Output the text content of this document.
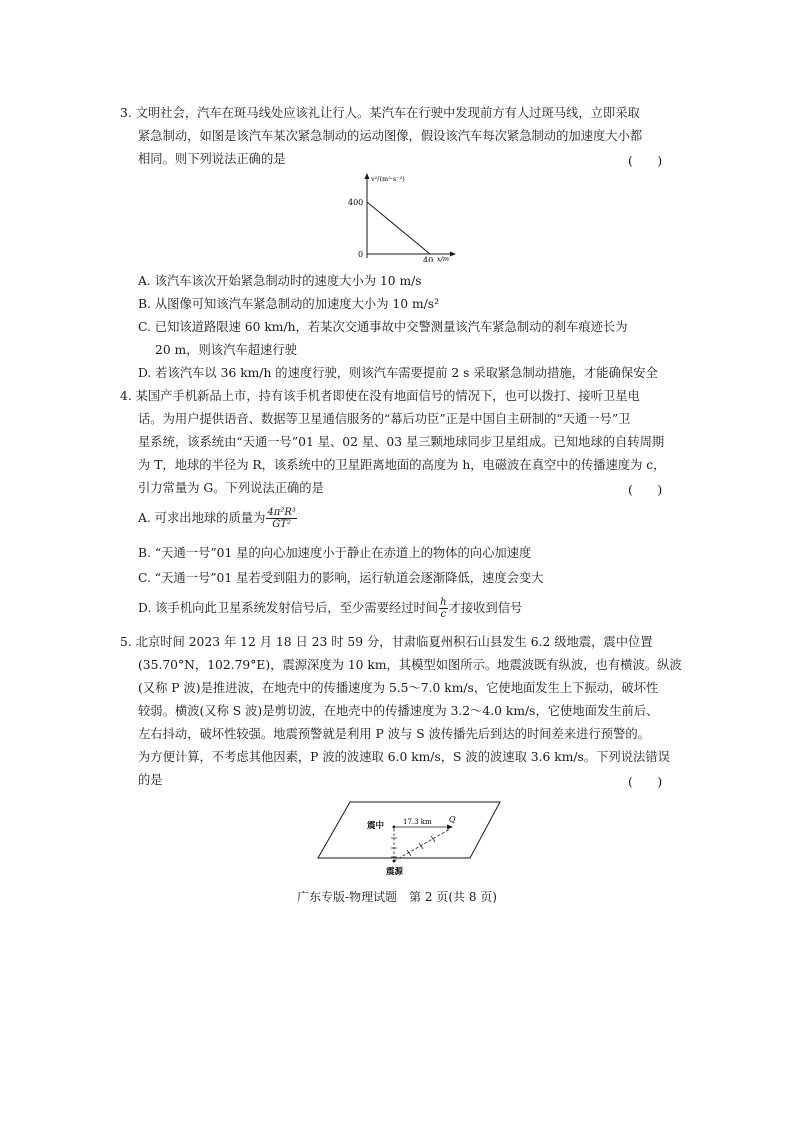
3. 文明社会，汽车在斑马线处应该礼让行人。某汽车在行驶中发现前方有人过斑马线，立即采取
紧急制动，如图是该汽车某次紧急制动的运动图像，假设该汽车每次紧急制动的加速度大小都
相同。则下列说法正确的是	(　　)
v²/(m²·s⁻²)
400
0
40 x/m
A. 该汽车该次开始紧急制动时的速度大小为 10 m/s
B. 从图像可知该汽车紧急制动的加速度大小为 10 m/s²
C. 已知该道路限速 60 km/h，若某次交通事故中交警测量该汽车紧急制动的刹车痕迹长为
20 m，则该汽车超速行驶
D. 若该汽车以 36 km/h 的速度行驶，则该汽车需要提前 2 s 采取紧急制动措施，才能确保安全
4. 某国产手机新品上市，持有该手机者即使在没有地面信号的情况下，也可以拨打、接听卫星电
话。为用户提供语音、数据等卫星通信服务的“幕后功臣”正是中国自主研制的“天通一号”卫
星系统，该系统由“天通一号”01 星、02 星、03 星三颗地球同步卫星组成。已知地球的自转周期
为 T，地球的半径为 R，该系统中的卫星距离地面的高度为 h，电磁波在真空中的传播速度为 c，
引力常量为 G。下列说法正确的是	(　　)
A. 可求出地球的质量为 $\frac{\text{4π²R³}}{\text{GT²}}$
B. “天通一号”01 星的向心加速度小于静止在赤道上的物体的向心加速度
C. “天通一号”01 星若受到阻力的影响，运行轨道会逐渐降低，速度会变大
D. 该手机向此卫星系统发射信号后，至少需要经过时间 $\frac{h}{c}$ 才接收到信号
5. 北京时间 2023 年 12 月 18 日 23 时 59 分，甘肃临夏州积石山县发生 6.2 级地震，震中位置
(35.70°N，102.79°E)，震源深度为 10 km，其模型如图所示。地震波既有纵波，也有横波。纵波
(又称 P 波)是推进波，在地壳中的传播速度为 5.5～7.0 km/s，它使地面发生上下振动，破坏性
较弱。横波(又称 S 波)是剪切波，在地壳中的传播速度为 3.2～4.0 km/s，它使地面发生前后、
左右抖动，破坏性较强。地震预警就是利用 P 波与 S 波传播先后到达的时间差来进行预警的。
为方便计算，不考虑其他因素，P 波的波速取 6.0 km/s，S 波的波速取 3.6 km/s。下列说法错误
的是	(　　)
震中	17.3 km Q
震源
广东专版-物理试题　第 2 页(共 8 页)
